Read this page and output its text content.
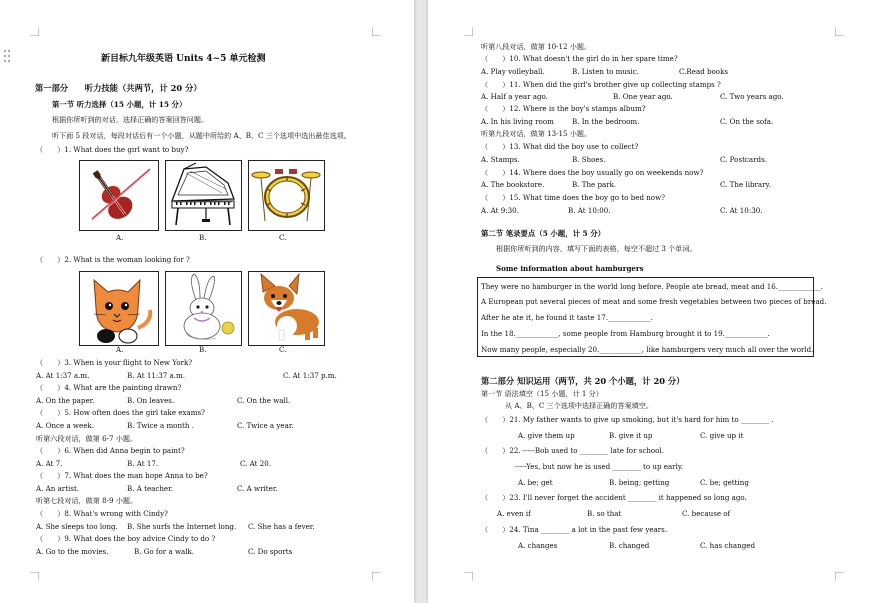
新目标九年级英语 Units 4~5 单元检测
第一部分　　听力技能（共两节，计 20 分）
第一节 听力选择（15 小题，计 15 分）
根据你所听到的对话，选择正确的答案回答问题。
听下面 5 段对话，每段对话后有一个小题，从题中所给的 A、B、C 三个选项中选出最佳选项。
（　　）1. What does the girl want to buy?
A.	B.	C.
（　　）2. What is the woman looking for ?
A.	B.	C.
（　　）3. When is your flight to New York?
A. At 1:37 a.m.	B. At 11:37 a.m.	C. At 1:37 p.m.
（　　）4. What are the painting drawn?
A. On the paper.	B. On leaves.	C. On the wall.
（　　）5. How often does the girl take exams?
A. Once a week.	B. Twice a month .	C. Twice a year.
听第六段对话，做第 6-7 小题。
（　　）6. When did Anna begin to paint?
A. At 7.	B. At 17.	C. At 20.
（　　）7. What does the man hope Anna to be?
A. An artist.	B. A teacher.	C. A writer.
听第七段对话，做第 8-9 小题。
（　　）8. What's wrong with Cindy?
A. She sleeps too long. B. She surfs the Internet long. C. She has a fever.
（　　）9. What does the boy advice Cindy to do ?
A. Go to the movies.	B. Go for a walk.	C. Do sports
听第八段对话，做第 10-12 小题。
（　　）10. What doesn't the girl do in her spare time?
A. Play volleyball.	B. Listen to music.	C.Read books
（　　）11. When did the girl's brother give up collecting stamps ?
A. Half a year ago.	B. One year ago.	C. Two years ago.
（　　）12. Where is the boy's stamps album?
A. In his living room	B. In the bedroom.	C. On the sofa.
听第九段对话，做第 13-15 小题。
（　　）13. What did the boy use to collect?
A. Stamps.	B. Shoes.	C. Postcards.
（　　）14. Where does the boy usually go on weekends now?
A. The bookstore.	B. The park.	C. The library.
（　　）15. What time does the boy go to bed now?
A. At 9:30.	B. At 10:00.	C. At 10:30.
第二节 笔录要点（5 小题，计 5 分）
根据你所听到的内容，填写下面的表格，每空不超过 3 个单词。
Some information about hamburgers
They were no hamburger in the world long before. People ate bread, meat and 16.____________.
A European put several pieces of meat and some fresh vegetables between two pieces of bread.
After he ate it, he found it taste 17.____________.
In the 18.____________, some people from Hamburg brought it to 19.____________.
Now many people, especially 20.____________, like hamburgers very much all over the world.
第二部分 知识运用（两节，共 20 个小题，计 20 分）
第一节 语法填空（15 小题，计 1 分）
从 A、B、C 三个选项中选择正确的答案填空。
（　　）21. My father wants to give up smoking, but it's hard for him to ________ .
A. give them up	B. give it up	C. give up it
（　　）22. -----Bob used to ________ late for school.
-----Yes, but now he is used ________ to up early.
A. be; get	B. being; getting	C. be; getting
（　　）23. I'll never forget the accident ________ it happened so long ago.
A. even if	B. so that	C. because of
（　　）24. Tina ________ a lot in the past few years.
A. changes	B. changed	C. has changed
